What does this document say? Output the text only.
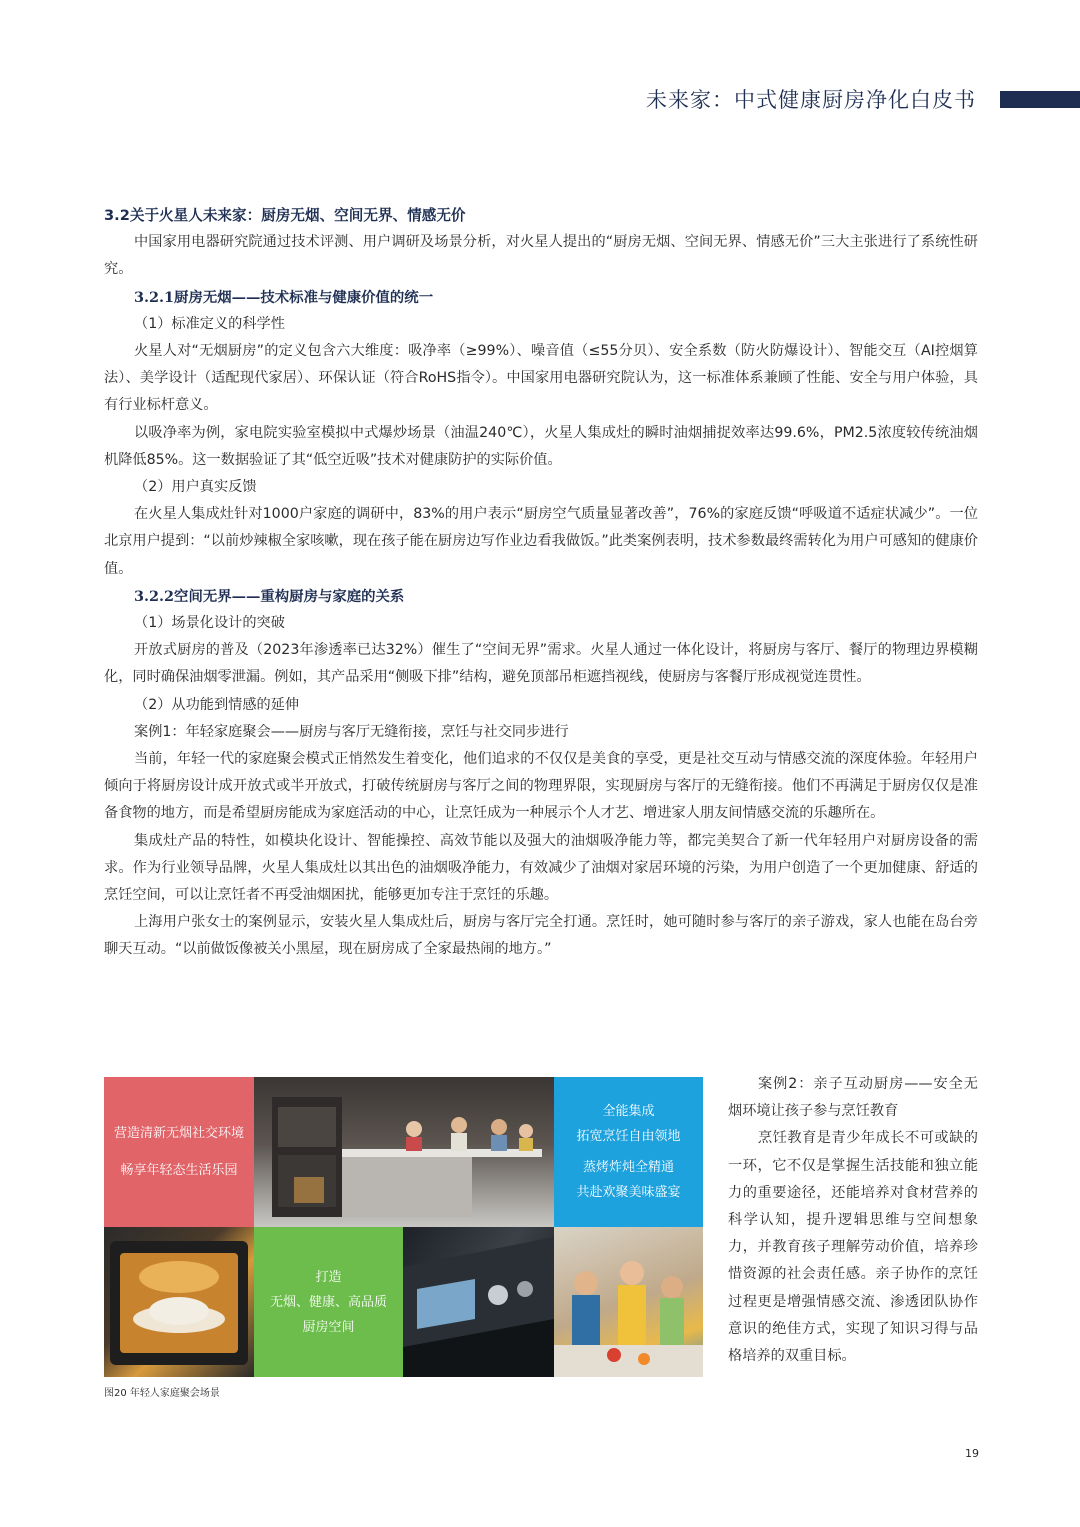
未来家：中式健康厨房净化白皮书

3.2关于火星人未来家：厨房无烟、空间无界、情感无价

中国家用电器研究院通过技术评测、用户调研及场景分析，对火星人提出的“厨房无烟、空间无界、情感无价”三大主张进行了系统性研究。

3.2.1厨房无烟——技术标准与健康价值的统一

（1）标准定义的科学性

火星人对“无烟厨房”的定义包含六大维度：吸净率（≥99%）、噪音值（≤55分贝）、安全系数（防火防爆设计）、智能交互（AI控烟算法）、美学设计（适配现代家居）、环保认证（符合RoHS指令）。中国家用电器研究院认为，这一标准体系兼顾了性能、安全与用户体验，具有行业标杆意义。

以吸净率为例，家电院实验室模拟中式爆炒场景（油温240℃），火星人集成灶的瞬时油烟捕捉效率达99.6%，PM2.5浓度较传统油烟机降低85%。这一数据验证了其“低空近吸”技术对健康防护的实际价值。

（2）用户真实反馈

在火星人集成灶针对1000户家庭的调研中，83%的用户表示“厨房空气质量显著改善”，76%的家庭反馈“呼吸道不适症状减少”。一位北京用户提到：“以前炒辣椒全家咳嗽，现在孩子能在厨房边写作业边看我做饭。”此类案例表明，技术参数最终需转化为用户可感知的健康价值。

3.2.2空间无界——重构厨房与家庭的关系

（1）场景化设计的突破

开放式厨房的普及（2023年渗透率已达32%）催生了“空间无界”需求。火星人通过一体化设计，将厨房与客厅、餐厅的物理边界模糊化，同时确保油烟零泄漏。例如，其产品采用“侧吸下排”结构，避免顶部吊柜遮挡视线，使厨房与客餐厅形成视觉连贯性。

（2）从功能到情感的延伸

案例1：年轻家庭聚会——厨房与客厅无缝衔接，烹饪与社交同步进行

当前，年轻一代的家庭聚会模式正悄然发生着变化，他们追求的不仅仅是美食的享受，更是社交互动与情感交流的深度体验。年轻用户倾向于将厨房设计成开放式或半开放式，打破传统厨房与客厅之间的物理界限，实现厨房与客厅的无缝衔接。他们不再满足于厨房仅仅是准备食物的地方，而是希望厨房能成为家庭活动的中心，让烹饪成为一种展示个人才艺、增进家人朋友间情感交流的乐趣所在。

集成灶产品的特性，如模块化设计、智能操控、高效节能以及强大的油烟吸净能力等，都完美契合了新一代年轻用户对厨房设备的需求。作为行业领导品牌，火星人集成灶以其出色的油烟吸净能力，有效减少了油烟对家居环境的污染，为用户创造了一个更加健康、舒适的烹饪空间，可以让烹饪者不再受油烟困扰，能够更加专注于烹饪的乐趣。

上海用户张女士的案例显示，安装火星人集成灶后，厨房与客厅完全打通。烹饪时，她可随时参与客厅的亲子游戏，家人也能在岛台旁聊天互动。“以前做饭像被关小黑屋，现在厨房成了全家最热闹的地方。”

营造清新无烟社交环境
畅享年轻态生活乐园
全能集成
拓宽烹饪自由领地
蒸烤炸炖全精通
共赴欢聚美味盛宴
打造
无烟、健康、高品质
厨房空间
图20 年轻人家庭聚会场景

案例2：亲子互动厨房——安全无烟环境让孩子参与烹饪教育

烹饪教育是青少年成长不可或缺的一环，它不仅是掌握生活技能和独立能力的重要途径，还能培养对食材营养的科学认知，提升逻辑思维与空间想象力，并教育孩子理解劳动价值，培养珍惜资源的社会责任感。亲子协作的烹饪过程更是增强情感交流、渗透团队协作意识的绝佳方式，实现了知识习得与品格培养的双重目标。

19
